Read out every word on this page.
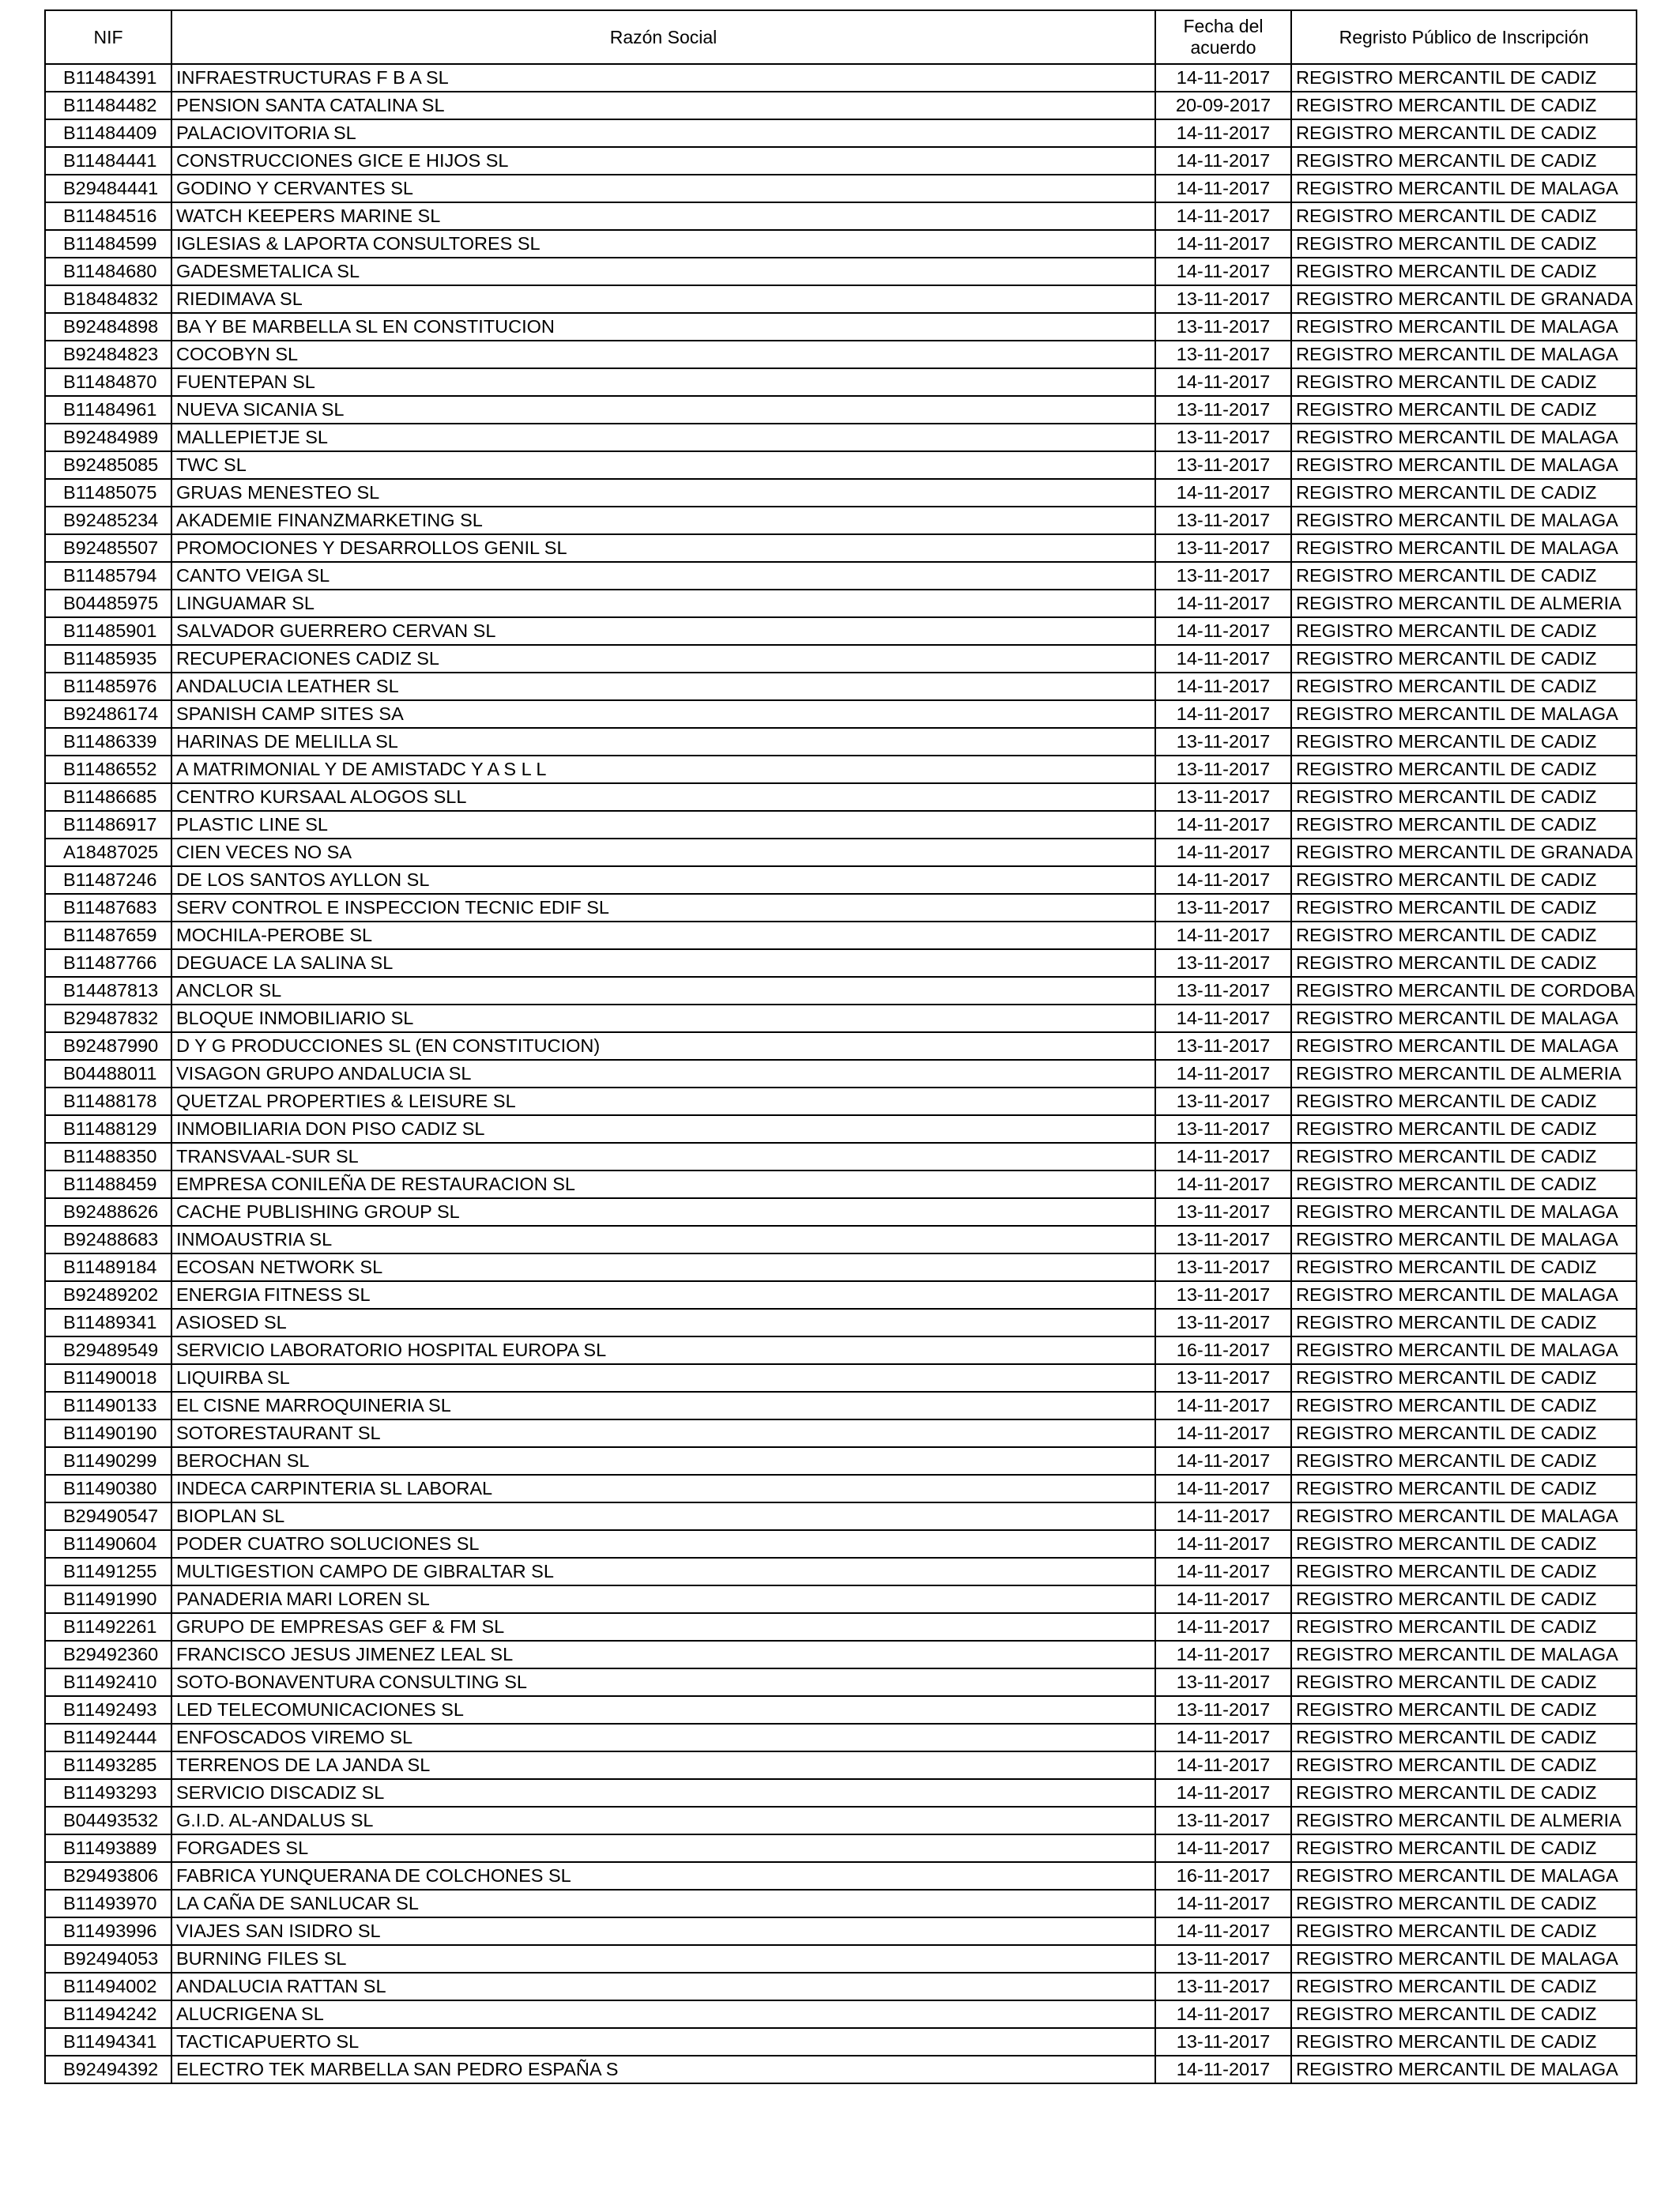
NIF	Razón Social	Fecha del acuerdo	Regristo Público de Inscripción
B11484391	INFRAESTRUCTURAS F B A SL	14-11-2017	REGISTRO MERCANTIL DE CADIZ
B11484482	PENSION SANTA CATALINA SL	20-09-2017	REGISTRO MERCANTIL DE CADIZ
B11484409	PALACIOVITORIA SL	14-11-2017	REGISTRO MERCANTIL DE CADIZ
B11484441	CONSTRUCCIONES GICE E HIJOS SL	14-11-2017	REGISTRO MERCANTIL DE CADIZ
B29484441	GODINO Y CERVANTES SL	14-11-2017	REGISTRO MERCANTIL DE MALAGA
B11484516	WATCH KEEPERS MARINE SL	14-11-2017	REGISTRO MERCANTIL DE CADIZ
B11484599	IGLESIAS & LAPORTA CONSULTORES SL	14-11-2017	REGISTRO MERCANTIL DE CADIZ
B11484680	GADESMETALICA SL	14-11-2017	REGISTRO MERCANTIL DE CADIZ
B18484832	RIEDIMAVA SL	13-11-2017	REGISTRO MERCANTIL DE GRANADA
B92484898	BA Y BE MARBELLA SL EN CONSTITUCION	13-11-2017	REGISTRO MERCANTIL DE MALAGA
B92484823	COCOBYN SL	13-11-2017	REGISTRO MERCANTIL DE MALAGA
B11484870	FUENTEPAN SL	14-11-2017	REGISTRO MERCANTIL DE CADIZ
B11484961	NUEVA SICANIA SL	13-11-2017	REGISTRO MERCANTIL DE CADIZ
B92484989	MALLEPIETJE SL	13-11-2017	REGISTRO MERCANTIL DE MALAGA
B92485085	TWC SL	13-11-2017	REGISTRO MERCANTIL DE MALAGA
B11485075	GRUAS MENESTEO SL	14-11-2017	REGISTRO MERCANTIL DE CADIZ
B92485234	AKADEMIE FINANZMARKETING SL	13-11-2017	REGISTRO MERCANTIL DE MALAGA
B92485507	PROMOCIONES Y DESARROLLOS GENIL SL	13-11-2017	REGISTRO MERCANTIL DE MALAGA
B11485794	CANTO VEIGA SL	13-11-2017	REGISTRO MERCANTIL DE CADIZ
B04485975	LINGUAMAR SL	14-11-2017	REGISTRO MERCANTIL DE ALMERIA
B11485901	SALVADOR GUERRERO CERVAN SL	14-11-2017	REGISTRO MERCANTIL DE CADIZ
B11485935	RECUPERACIONES CADIZ SL	14-11-2017	REGISTRO MERCANTIL DE CADIZ
B11485976	ANDALUCIA LEATHER SL	14-11-2017	REGISTRO MERCANTIL DE CADIZ
B92486174	SPANISH CAMP SITES SA	14-11-2017	REGISTRO MERCANTIL DE MALAGA
B11486339	HARINAS DE MELILLA SL	13-11-2017	REGISTRO MERCANTIL DE CADIZ
B11486552	A MATRIMONIAL Y DE AMISTADC Y A S L L	13-11-2017	REGISTRO MERCANTIL DE CADIZ
B11486685	CENTRO KURSAAL ALOGOS SLL	13-11-2017	REGISTRO MERCANTIL DE CADIZ
B11486917	PLASTIC LINE SL	14-11-2017	REGISTRO MERCANTIL DE CADIZ
A18487025	CIEN VECES NO SA	14-11-2017	REGISTRO MERCANTIL DE GRANADA
B11487246	DE LOS SANTOS AYLLON SL	14-11-2017	REGISTRO MERCANTIL DE CADIZ
B11487683	SERV CONTROL E INSPECCION TECNIC EDIF SL	13-11-2017	REGISTRO MERCANTIL DE CADIZ
B11487659	MOCHILA-PEROBE SL	14-11-2017	REGISTRO MERCANTIL DE CADIZ
B11487766	DEGUACE LA SALINA SL	13-11-2017	REGISTRO MERCANTIL DE CADIZ
B14487813	ANCLOR SL	13-11-2017	REGISTRO MERCANTIL DE CORDOBA
B29487832	BLOQUE INMOBILIARIO SL	14-11-2017	REGISTRO MERCANTIL DE MALAGA
B92487990	D Y G PRODUCCIONES SL (EN CONSTITUCION)	13-11-2017	REGISTRO MERCANTIL DE MALAGA
B04488011	VISAGON GRUPO ANDALUCIA SL	14-11-2017	REGISTRO MERCANTIL DE ALMERIA
B11488178	QUETZAL PROPERTIES & LEISURE SL	13-11-2017	REGISTRO MERCANTIL DE CADIZ
B11488129	INMOBILIARIA DON PISO CADIZ SL	13-11-2017	REGISTRO MERCANTIL DE CADIZ
B11488350	TRANSVAAL-SUR SL	14-11-2017	REGISTRO MERCANTIL DE CADIZ
B11488459	EMPRESA CONILEÑA DE RESTAURACION SL	14-11-2017	REGISTRO MERCANTIL DE CADIZ
B92488626	CACHE PUBLISHING GROUP SL	13-11-2017	REGISTRO MERCANTIL DE MALAGA
B92488683	INMOAUSTRIA SL	13-11-2017	REGISTRO MERCANTIL DE MALAGA
B11489184	ECOSAN NETWORK SL	13-11-2017	REGISTRO MERCANTIL DE CADIZ
B92489202	ENERGIA FITNESS SL	13-11-2017	REGISTRO MERCANTIL DE MALAGA
B11489341	ASIOSED SL	13-11-2017	REGISTRO MERCANTIL DE CADIZ
B29489549	SERVICIO LABORATORIO HOSPITAL EUROPA SL	16-11-2017	REGISTRO MERCANTIL DE MALAGA
B11490018	LIQUIRBA SL	13-11-2017	REGISTRO MERCANTIL DE CADIZ
B11490133	EL CISNE MARROQUINERIA SL	14-11-2017	REGISTRO MERCANTIL DE CADIZ
B11490190	SOTORESTAURANT SL	14-11-2017	REGISTRO MERCANTIL DE CADIZ
B11490299	BEROCHAN SL	14-11-2017	REGISTRO MERCANTIL DE CADIZ
B11490380	INDECA CARPINTERIA SL LABORAL	14-11-2017	REGISTRO MERCANTIL DE CADIZ
B29490547	BIOPLAN SL	14-11-2017	REGISTRO MERCANTIL DE MALAGA
B11490604	PODER CUATRO SOLUCIONES SL	14-11-2017	REGISTRO MERCANTIL DE CADIZ
B11491255	MULTIGESTION CAMPO DE GIBRALTAR SL	14-11-2017	REGISTRO MERCANTIL DE CADIZ
B11491990	PANADERIA MARI LOREN SL	14-11-2017	REGISTRO MERCANTIL DE CADIZ
B11492261	GRUPO DE EMPRESAS GEF & FM SL	14-11-2017	REGISTRO MERCANTIL DE CADIZ
B29492360	FRANCISCO JESUS JIMENEZ LEAL SL	14-11-2017	REGISTRO MERCANTIL DE MALAGA
B11492410	SOTO-BONAVENTURA CONSULTING SL	13-11-2017	REGISTRO MERCANTIL DE CADIZ
B11492493	LED TELECOMUNICACIONES SL	13-11-2017	REGISTRO MERCANTIL DE CADIZ
B11492444	ENFOSCADOS VIREMO SL	14-11-2017	REGISTRO MERCANTIL DE CADIZ
B11493285	TERRENOS DE LA JANDA SL	14-11-2017	REGISTRO MERCANTIL DE CADIZ
B11493293	SERVICIO DISCADIZ SL	14-11-2017	REGISTRO MERCANTIL DE CADIZ
B04493532	G.I.D. AL-ANDALUS SL	13-11-2017	REGISTRO MERCANTIL DE ALMERIA
B11493889	FORGADES SL	14-11-2017	REGISTRO MERCANTIL DE CADIZ
B29493806	FABRICA YUNQUERANA DE COLCHONES SL	16-11-2017	REGISTRO MERCANTIL DE MALAGA
B11493970	LA CAÑA DE SANLUCAR SL	14-11-2017	REGISTRO MERCANTIL DE CADIZ
B11493996	VIAJES SAN ISIDRO SL	14-11-2017	REGISTRO MERCANTIL DE CADIZ
B92494053	BURNING FILES SL	13-11-2017	REGISTRO MERCANTIL DE MALAGA
B11494002	ANDALUCIA RATTAN SL	13-11-2017	REGISTRO MERCANTIL DE CADIZ
B11494242	ALUCRIGENA SL	14-11-2017	REGISTRO MERCANTIL DE CADIZ
B11494341	TACTICAPUERTO SL	13-11-2017	REGISTRO MERCANTIL DE CADIZ
B92494392	ELECTRO TEK MARBELLA SAN PEDRO ESPAÑA S	14-11-2017	REGISTRO MERCANTIL DE MALAGA
